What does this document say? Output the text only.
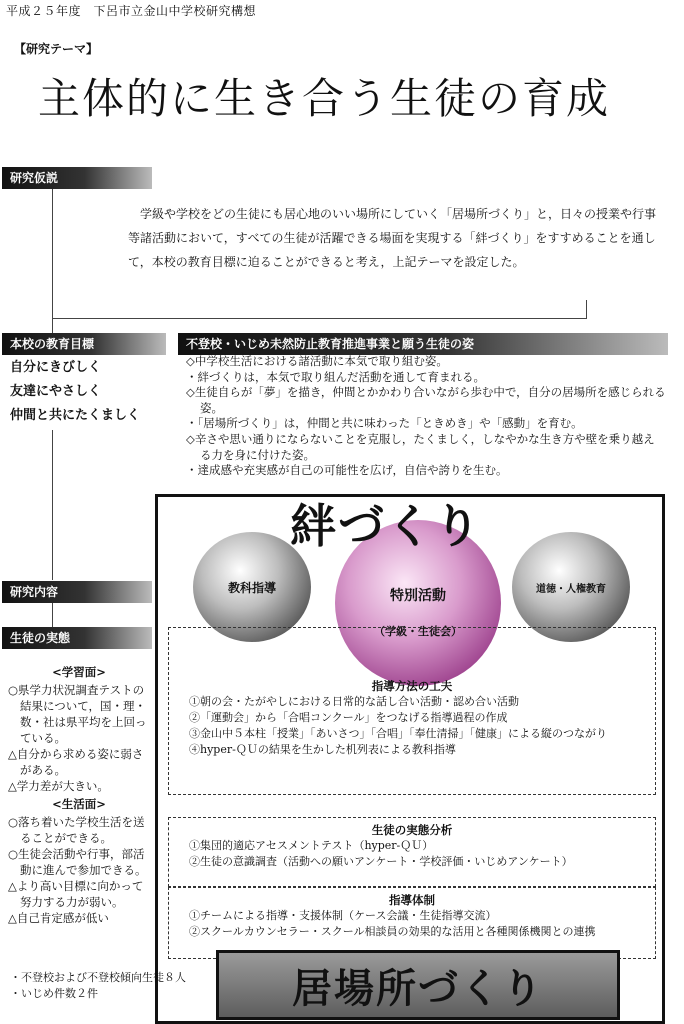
平成２５年度　下呂市立金山中学校研究構想
【研究テーマ】
主体的に生き合う生徒の育成
研究仮説

学級や学校をどの生徒にも居心地のいい場所にしていく「居場所づくり」と，日々の授業や行事等諸活動において，すべての生徒が活躍できる場面を実現する「絆づくり」をすすめることを通して，本校の教育目標に迫ることができると考え，上記テーマを設定した。

本校の教育目標
自分にきびしく
友達にやさしく
仲間と共にたくましく
不登校・いじめ未然防止教育推進事業と願う生徒の姿
◇中学校生活における諸活動に本気で取り組む姿。
・絆づくりは，本気で取り組んだ活動を通して育まれる。
◇生徒自らが「夢」を描き，仲間とかかわり合いながら歩む中で，自分の居場所を感じられる姿。
・「居場所づくり」は，仲間と共に味わった「ときめき」や「感動」を育む。
◇辛さや思い通りにならないことを克服し，たくましく，しなやかな生き方や壁を乗り越える力を身に付けた姿。
・達成感や充実感が自己の可能性を広げ，自信や誇りを生む。
教科指導	道徳・人権教育
特別活動
（学級・生徒会）
絆づくり
指導方法の工夫
①朝の会・たがやしにおける日常的な話し合い活動・認め合い活動
②「運動会」から「合唱コンクール」をつなげる指導過程の作成
③金山中５本柱「授業」「あいさつ」「合唱」「奉仕清掃」「健康」による縦のつながり
④hyper-ＱＵの結果を生かした机列表による教科指導
生徒の実態分析
①集団的適応アセスメントテスト（hyper-ＱＵ）
②生徒の意識調査（活動への願いアンケート・学校評価・いじめアンケート）
指導体制
①チームによる指導・支援体制（ケース会議・生徒指導交流）
②スクールカウンセラー・スクール相談員の効果的な活用と各種関係機関との連携
居場所づくり
研究内容
生徒の実態
<学習面>
○県学力状況調査テストの結果について，国・理・数・社は県平均を上回っている。
△自分から求める姿に弱さがある。
△学力差が大きい。
<生活面>
○落ち着いた学校生活を送ることができる。
○生徒会活動や行事，部活動に進んで参加できる。
△より高い目標に向かって努力する力が弱い。
△自己肯定感が低い
・不登校および不登校傾向生徒８人
・いじめ件数２件
